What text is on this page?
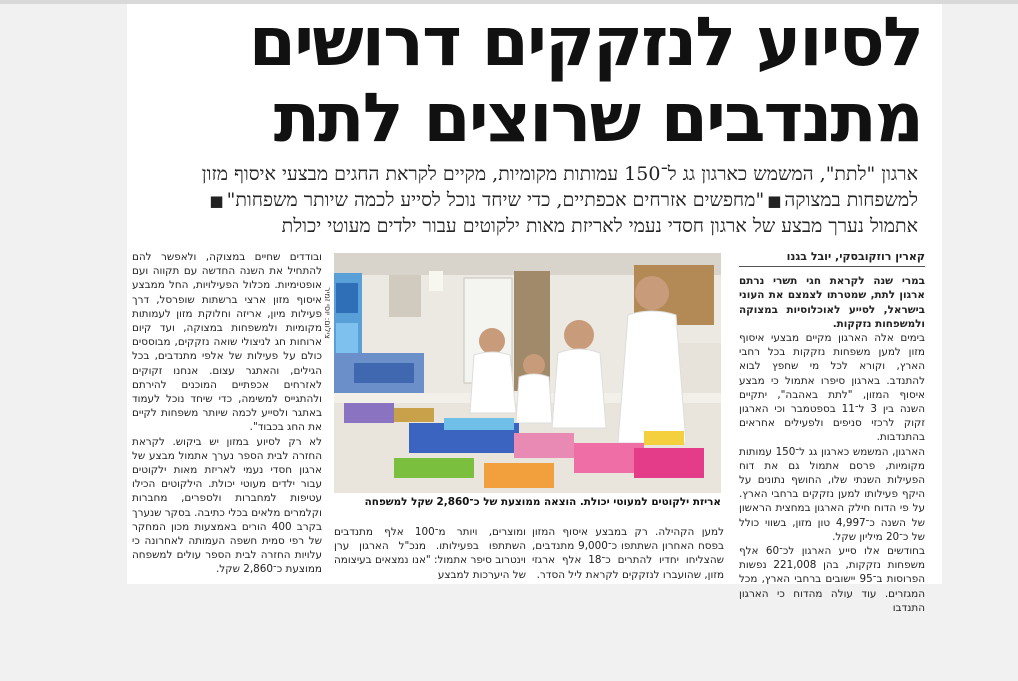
לסיוע לנזקקים דרושים
מתנדבים שרוצים לתת
ארגון "לתת", המשמש כארגון גג ל־150 עמותות מקומיות, מקיים לקראת החגים מבצעי איסוף מזון
למשפחות במצוקה■"מחפשים אזרחים אכפתיים, כדי שיחד נוכל לסייע לכמה שיותר משפחות"■
אתמול נערך מבצע של ארגון חסדי נעמי לאריזת מאות ילקוטים עבור ילדים מעוטי יכולת
קארין רוזקובסקי, יובל בגנו

במרי שנה לקראת חגי תשרי נרתם ארגון לתת, שמטרתו לצמצם את העוני בישראל, לסייע לאוכלוסיות במצוקה ולמשפחות נזקקות.

בימים אלה הארגון מקיים מבצעי איסוף מזון למען משפחות נזקקות בכל רחבי הארץ, וקורא לכל מי שחפץ לבוא להתנדב. בארגון סיפרו אתמול כי מבצע איסוף המזון, "לתת באהבה", יתקיים השנה בין 3 ל־11 בספטמבר וכי הארגון זקוק לרכזי סניפים ולפעילים אחראים בהתנדבות.

הארגון, המשמש כארגון גג ל־150 עמותות מקומיות, פרסם אתמול גם את דוח הפעילות השנתי שלו, החושף נתונים על היקף פעילותו למען נזקקים ברחבי הארץ. על פי הדוח חילק הארגון במחצית הראשון של השנה כ־4,997 טון מזון, בשווי כולל של כ־20 מיליון שקל.

בחודשים אלו סייע הארגון לכ־60 אלף משפחות נזקקות, בהן 221,008 נפשות הפרוסות ב־95 יישובים ברחבי הארץ, מכל המגזרים. עוד עולה מהדוח כי הארגון התנדבו

צילום: יוסי זמיר
אריזת ילקוטים למעוטי יכולת. הוצאה ממוצעת של כ־2,860 שקל למשפחה

למען הקהילה. רק במבצע איסוף המזון בפסח האחרון השתתפו כ־9,000 מתנדבים, שהצליחו יחדיו להתרים כ־18 אלף ארגזי מזון, שהועברו לנזקקים לקראת ליל הסדר.

ומוצרים, ויותר מ־100 אלף מתנדבים השתתפו בפעילותו. מנכ"ל הארגון ערן וינטרוב סיפר אתמול: "אנו נמצאים בעיצומה של היערכות למבצע

ובודדים שחיים במצוקה, ולאפשר להם להתחיל את השנה החדשה עם תקווה ועם אופטימיות. מכלול הפעילויות, החל ממבצע איסוף מזון ארצי ברשתות שופרסל, דרך פעילות מיון, אריזה וחלוקת מזון לעמותות מקומיות ולמשפחות במצוקה, ועד קיום ארוחות חג לניצולי שואה נזקקים, מבוססים כולם על פעילות של אלפי מתנדבים, בכל הגילים, והאתגר עצום. אנחנו זקוקים לאזרחים אכפתיים המוכנים להירתם ולהתגייס למשימה, כדי שיחד נוכל לעמוד באתגר ולסייע לכמה שיותר משפחות לקיים את החג בכבוד".

לא רק לסיוע במזון יש ביקוש. לקראת החזרה לבית הספר נערך אתמול מבצע של ארגון חסדי נעמי לאריזת מאות ילקוטים עבור ילדים מעוטי יכולת. הילקוטים הכילו עטיפות למחברות ולספרים, מחברות וקלמרים מלאים בכלי כתיבה. בסקר שנערך בקרב 400 הורים באמצעות מכון המחקר של רפי סמית חשפה העמותה לאחרונה כי עלויות החזרה לבית הספר עולים למשפחה ממוצעת כ־2,860 שקל.
